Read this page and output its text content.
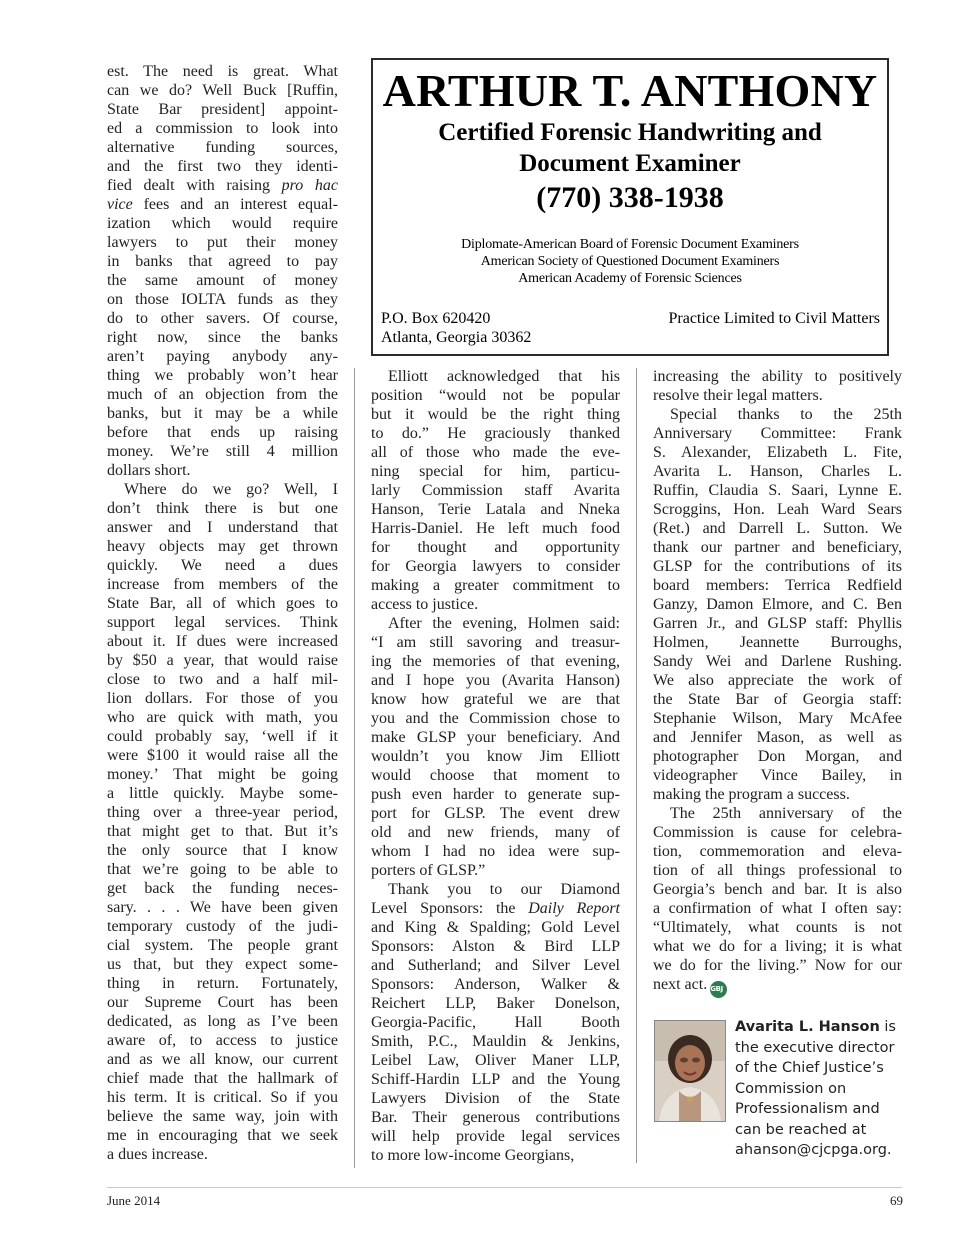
est. The need is great. What
can we do? Well Buck [Ruffin,
State Bar president] appoint-
ed a commission to look into
alternative funding sources,
and the first two they identi-
fied dealt with raising pro hac
vice fees and an interest equal-
ization which would require
lawyers to put their money
in banks that agreed to pay
the same amount of money
on those IOLTA funds as they
do to other savers. Of course,
right now, since the banks
aren’t paying anybody any-
thing we probably won’t hear
much of an objection from the
banks, but it may be a while
before that ends up raising
money. We’re still 4 million
dollars short.

Where do we go? Well, I
don’t think there is but one
answer and I understand that
heavy objects may get thrown
quickly. We need a dues
increase from members of the
State Bar, all of which goes to
support legal services. Think
about it. If dues were increased
by $50 a year, that would raise
close to two and a half mil-
lion dollars. For those of you
who are quick with math, you
could probably say, ‘well if it
were $100 it would raise all the
money.’ That might be going
a little quickly. Maybe some-
thing over a three-year period,
that might get to that. But it’s
the only source that I know
that we’re going to be able to
get back the funding neces-
sary. . . . We have been given
temporary custody of the judi-
cial system. The people grant
us that, but they expect some-
thing in return. Fortunately,
our Supreme Court has been
dedicated, as long as I’ve been
aware of, to access to justice
and as we all know, our current
chief made that the hallmark of
his term. It is critical. So if you
believe the same way, join with
me in encouraging that we seek
a dues increase.

ARTHUR T. ANTHONY
Certified Forensic Handwriting and
Document Examiner
(770) 338-1938
Diplomate-American Board of Forensic Document Examiners
American Society of Questioned Document Examiners
American Academy of Forensic Sciences
P.O. Box 620420
Atlanta, Georgia 30362
Practice Limited to Civil Matters

Elliott acknowledged that his
position “would not be popular
but it would be the right thing
to do.” He graciously thanked
all of those who made the eve-
ning special for him, particu-
larly Commission staff Avarita
Hanson, Terie Latala and Nneka
Harris-Daniel. He left much food
for thought and opportunity
for Georgia lawyers to consider
making a greater commitment to
access to justice.

After the evening, Holmen said:
“I am still savoring and treasur-
ing the memories of that evening,
and I hope you (Avarita Hanson)
know how grateful we are that
you and the Commission chose to
make GLSP your beneficiary. And
wouldn’t you know Jim Elliott
would choose that moment to
push even harder to generate sup-
port for GLSP. The event drew
old and new friends, many of
whom I had no idea were sup-
porters of GLSP.”

Thank you to our Diamond
Level Sponsors: the Daily Report
and King & Spalding; Gold Level
Sponsors: Alston & Bird LLP
and Sutherland; and Silver Level
Sponsors: Anderson, Walker &
Reichert LLP, Baker Donelson,
Georgia-Pacific, Hall Booth
Smith, P.C., Mauldin & Jenkins,
Leibel Law, Oliver Maner LLP,
Schiff-Hardin LLP and the Young
Lawyers Division of the State
Bar. Their generous contributions
will help provide legal services
to more low-income Georgians,

increasing the ability to positively
resolve their legal matters.

Special thanks to the 25th
Anniversary Committee: Frank
S. Alexander, Elizabeth L. Fite,
Avarita L. Hanson, Charles L.
Ruffin, Claudia S. Saari, Lynne E.
Scroggins, Hon. Leah Ward Sears
(Ret.) and Darrell L. Sutton. We
thank our partner and beneficiary,
GLSP for the contributions of its
board members: Terrica Redfield
Ganzy, Damon Elmore, and C. Ben
Garren Jr., and GLSP staff: Phyllis
Holmen, Jeannette Burroughs,
Sandy Wei and Darlene Rushing.
We also appreciate the work of
the State Bar of Georgia staff:
Stephanie Wilson, Mary McAfee
and Jennifer Mason, as well as
photographer Don Morgan, and
videographer Vince Bailey, in
making the program a success.

The 25th anniversary of the
Commission is cause for celebra-
tion, commemoration and eleva-
tion of all things professional to
Georgia’s bench and bar. It is also
a confirmation of what I often say:
“Ultimately, what counts is not
what we do for a living; it is what
we do for the living.” Now for our
next act. GBJ

Avarita L. Hanson is
the executive director
of the Chief Justice’s
Commission on
Professionalism and
can be reached at
ahanson@cjcpga.org.
June 2014	69
